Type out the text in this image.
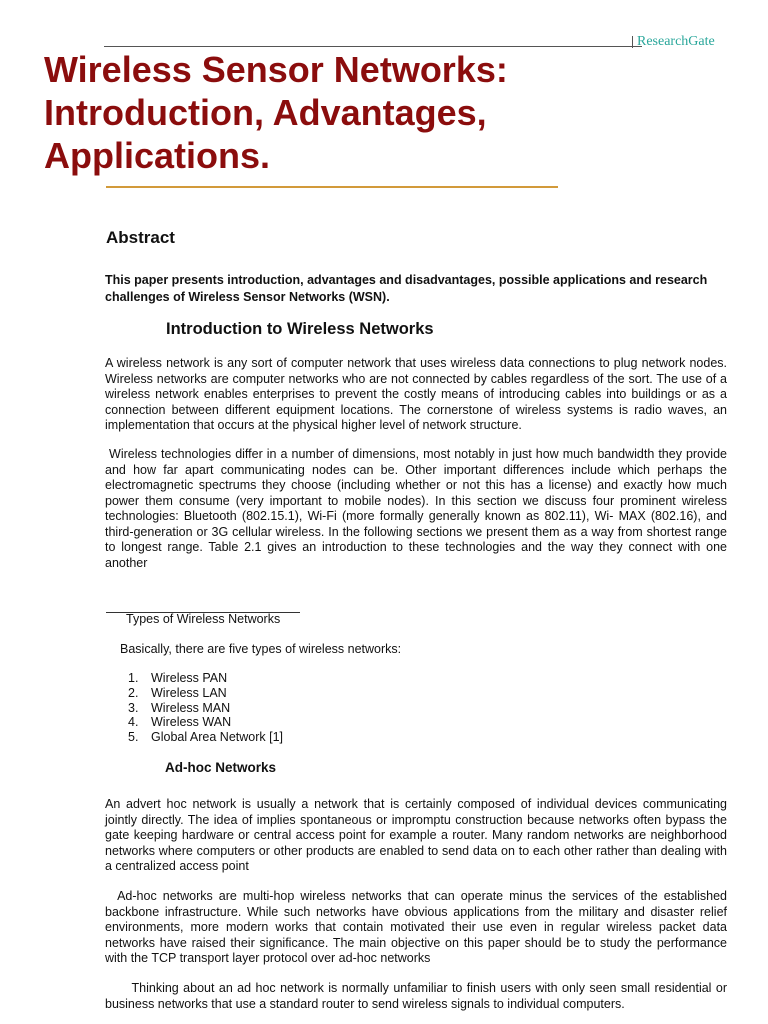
ResearchGate
Wireless Sensor Networks: Introduction, Advantages, Applications.
Abstract

This paper presents introduction, advantages and disadvantages, possible applications and research challenges of Wireless Sensor Networks (WSN).

Introduction to Wireless Networks

A wireless network is any sort of computer network that uses wireless data connections to plug network nodes. Wireless networks are computer networks who are not connected by cables regardless of the sort. The use of a wireless network enables enterprises to prevent the costly means of introducing cables into buildings or as a connection between different equipment locations. The cornerstone of wireless systems is radio waves, an implementation that occurs at the physical higher level of network structure.

Wireless technologies differ in a number of dimensions, most notably in just how much bandwidth they provide and how far apart communicating nodes can be. Other important differences include which perhaps the electromagnetic spectrums they choose (including whether or not this has a license) and exactly how much power them consume (very important to mobile nodes). In this section we discuss four prominent wireless technologies: Bluetooth (802.15.1), Wi-Fi (more formally generally known as 802.11), Wi- MAX (802.16), and third-generation or 3G cellular wireless. In the following sections we present them as a way from shortest range to longest range. Table 2.1 gives an introduction to these technologies and the way they connect with one another

Types of Wireless Networks

Basically, there are five types of wireless networks:

1.	Wireless PAN
2.	Wireless LAN
3.	Wireless MAN
4.	Wireless WAN
5.	Global Area Network [1]
Ad-hoc Networks

An advert hoc network is usually a network that is certainly composed of individual devices communicating jointly directly. The idea of implies spontaneous or impromptu construction because networks often bypass the gate keeping hardware or central access point for example a router. Many random networks are neighborhood networks where computers or other products are enabled to send data on to each other rather than dealing with a centralized access point

Ad-hoc networks are multi-hop wireless networks that can operate minus the services of the established backbone infrastructure. While such networks have obvious applications from the military and disaster relief environments, more modern works that contain motivated their use even in regular wireless packet data networks have raised their significance. The main objective on this paper should be to study the performance with the TCP transport layer protocol over ad-hoc networks

Thinking about an ad hoc network is normally unfamiliar to finish users with only seen small residential or business networks that use a standard router to send wireless signals to individual computers.
